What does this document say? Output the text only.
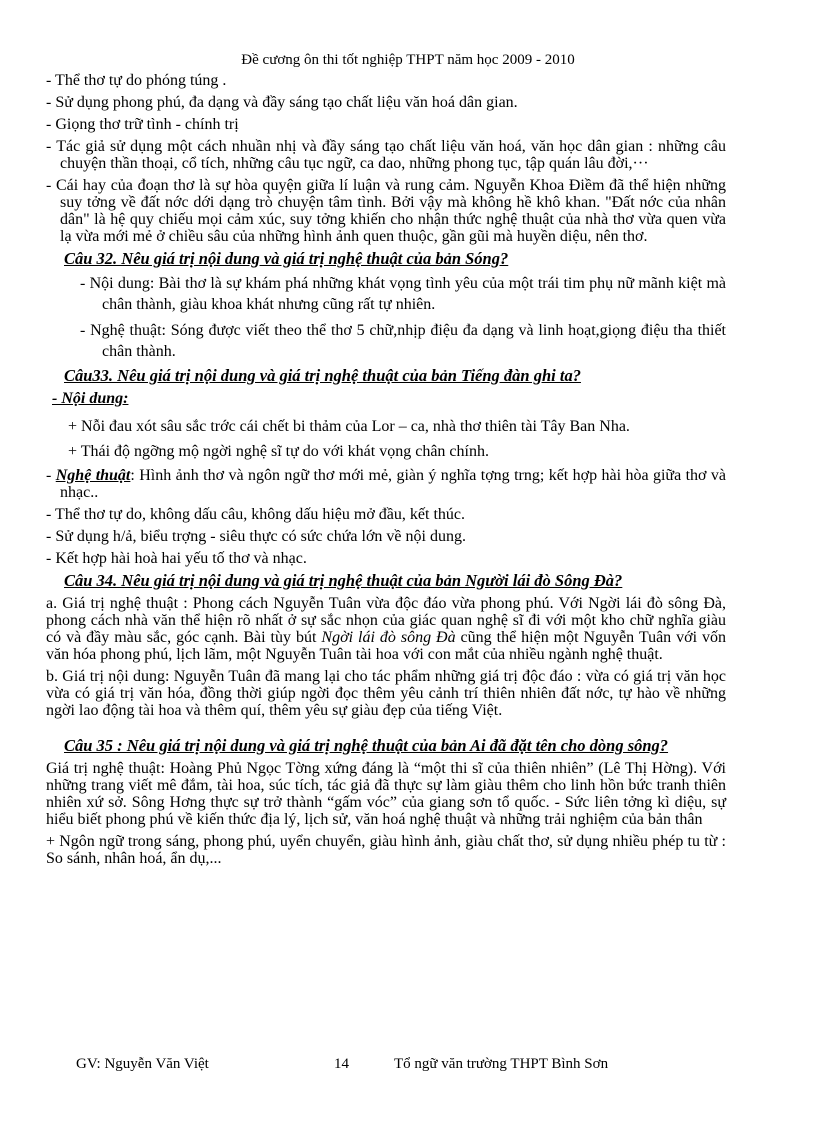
Đề cương ôn thi tốt nghiệp THPT năm học 2009 - 2010
- Thể thơ tự do phóng túng .
- Sử dụng phong phú, đa dạng và đầy sáng tạo chất liệu văn hoá dân gian.
- Giọng thơ trữ tình - chính trị
- Tác giả sử dụng một cách nhuần nhị và đầy sáng tạo chất liệu văn hoá, văn học dân gian : những câu chuyện thần thoại, cổ tích, những câu tục ngữ, ca dao, những phong tục, tập quán lâu đời,···
- Cái hay của đoạn thơ là sự hòa quyện giữa lí luận và rung cảm. Nguyễn Khoa Điềm đã thể hiện những suy tởng về đất nớc dới dạng trò chuyện tâm tình. Bởi vậy mà không hề khô khan. "Đất nớc của nhân dân" là hệ quy chiếu mọi cảm xúc, suy tởng khiến cho nhận thức nghệ thuật của nhà thơ vừa quen vừa lạ vừa mới mẻ ở chiều sâu của những hình ảnh quen thuộc, gần gũi mà huyền diệu, nên thơ.
Câu 32. Nêu giá trị nội dung và giá trị nghệ thuật của bản Sóng?
- Nội dung: Bài thơ là sự khám phá những khát vọng tình yêu của một trái tim phụ nữ mãnh kiệt mà chân thành, giàu khoa khát nhưng cũng rất tự nhiên.
- Nghệ thuật: Sóng được viết theo thể thơ 5 chữ,nhịp điệu đa dạng và linh hoạt,giọng điệu tha thiết chân thành.
Câu33. Nêu giá trị nội dung và giá trị nghệ thuật của bản Tiếng đàn ghi ta?
- Nội dung:
+ Nỗi đau xót sâu sắc trớc cái chết bi thảm của Lor – ca, nhà thơ thiên tài Tây Ban Nha.
+ Thái độ ngỡng mộ ngời nghệ sĩ tự do với khát vọng chân chính.
- Nghệ thuật: Hình ảnh thơ và ngôn ngữ thơ mới mẻ, giàn ý nghĩa tợng trng; kết hợp hài hòa giữa thơ và nhạc..
- Thể thơ tự do, không dấu câu, không dấu hiệu mở đầu, kết thúc.
- Sử dụng h/ả, biểu trợng - siêu thực có sức chứa lớn về nội dung.
- Kết hợp hài hoà hai yếu tố thơ và nhạc.
Câu 34. Nêu giá trị nội dung và giá trị nghệ thuật của bản Người lái đò Sông Đà?
a. Giá trị nghệ thuật : Phong cách Nguyễn Tuân vừa độc đáo vừa phong phú. Với Ngời lái đò sông Đà, phong cách nhà văn thể hiện rõ nhất ở sự sắc nhọn của giác quan nghệ sĩ đi với một kho chữ nghĩa giàu có và đầy màu sắc, góc cạnh. Bài tùy bút Ngời lái đò sông Đà cũng thể hiện một Nguyễn Tuân với vốn văn hóa phong phú, lịch lãm, một Nguyễn Tuân tài hoa với con mắt của nhiều ngành nghệ thuật.
b. Giá trị nội dung: Nguyễn Tuân đã mang lại cho tác phẩm những giá trị độc đáo : vừa có giá trị văn học vừa có giá trị văn hóa, đồng thời giúp ngời đọc thêm yêu cảnh trí thiên nhiên đất nớc, tự hào về những ngời lao động tài hoa và thêm quí, thêm yêu sự giàu đẹp của tiếng Việt.
Câu 35 : Nêu giá trị nội dung và giá trị nghệ thuật của bản Ai đã đặt tên cho dòng sông?
Giá trị nghệ thuật: Hoàng Phủ Ngọc Tờng xứng đáng là “một thi sĩ của thiên nhiên” (Lê Thị Hờng). Với những trang viết mê đắm, tài hoa, súc tích, tác giả đã thực sự làm giàu thêm cho linh hồn bức tranh thiên nhiên xứ sở. Sông Hơng thực sự trở thành “gấm vóc” của giang sơn tổ quốc. - Sức liên tởng kì diệu, sự hiểu biết phong phú về kiến thức địa lý, lịch sử, văn hoá nghệ thuật và những trải nghiệm của bản thân
+ Ngôn ngữ trong sáng, phong phú, uyển chuyển, giàu hình ảnh, giàu chất thơ, sử dụng nhiều phép tu từ : So sánh, nhân hoá, ẩn dụ,...
GV: Nguyễn Văn Việt	14	Tổ ngữ văn trường THPT Bình Sơn
